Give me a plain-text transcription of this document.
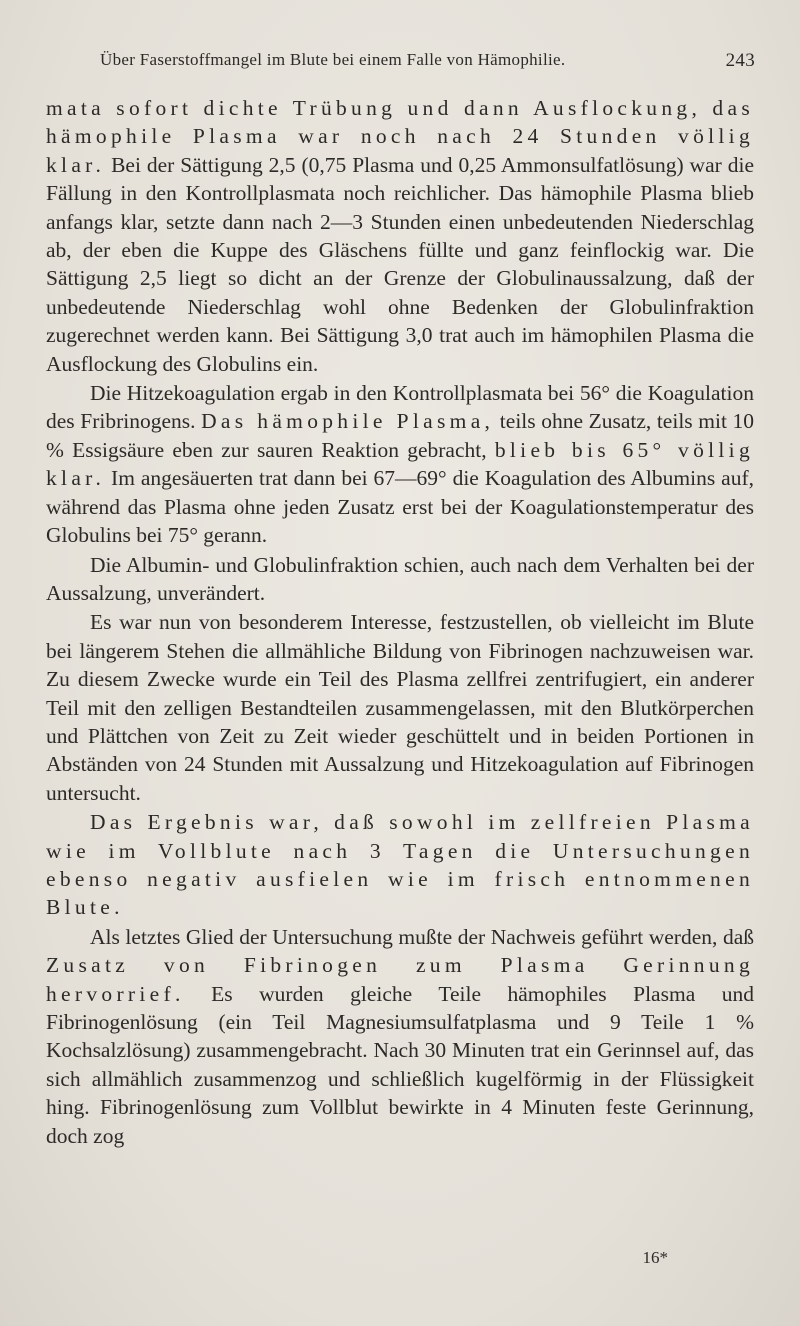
Über Faserstoffmangel im Blute bei einem Falle von Hämophilie.	243

mata sofort dichte Trübung und dann Ausflockung, das hämophile Plasma war noch nach 24 Stunden völlig klar. Bei der Sättigung 2,5 (0,75 Plasma und 0,25 Ammonsulfatlösung) war die Fällung in den Kontrollplasmata noch reichlicher. Das hämophile Plasma blieb anfangs klar, setzte dann nach 2—3 Stunden einen unbedeutenden Niederschlag ab, der eben die Kuppe des Gläschens füllte und ganz feinflockig war. Die Sättigung 2,5 liegt so dicht an der Grenze der Globulinaussalzung, daß der unbedeutende Niederschlag wohl ohne Bedenken der Globulinfraktion zugerechnet werden kann. Bei Sättigung 3,0 trat auch im hämophilen Plasma die Ausflockung des Globulins ein.

Die Hitzekoagulation ergab in den Kontrollplasmata bei 56° die Koagulation des Fribrinogens. Das hämophile Plasma, teils ohne Zusatz, teils mit 10 % Essigsäure eben zur sauren Reaktion gebracht, blieb bis 65° völlig klar. Im angesäuerten trat dann bei 67—69° die Koagulation des Albumins auf, während das Plasma ohne jeden Zusatz erst bei der Koagulationstemperatur des Globulins bei 75° gerann.

Die Albumin- und Globulinfraktion schien, auch nach dem Verhalten bei der Aussalzung, unverändert.

Es war nun von besonderem Interesse, festzustellen, ob vielleicht im Blute bei längerem Stehen die allmähliche Bildung von Fibrinogen nachzuweisen war. Zu diesem Zwecke wurde ein Teil des Plasma zellfrei zentrifugiert, ein anderer Teil mit den zelligen Bestandteilen zusammengelassen, mit den Blutkörperchen und Plättchen von Zeit zu Zeit wieder geschüttelt und in beiden Portionen in Abständen von 24 Stunden mit Aussalzung und Hitzekoagulation auf Fibrinogen untersucht.

Das Ergebnis war, daß sowohl im zellfreien Plasma wie im Vollblute nach 3 Tagen die Untersuchungen ebenso negativ ausfielen wie im frisch entnommenen Blute.

Als letztes Glied der Untersuchung mußte der Nachweis geführt werden, daß Zusatz von Fibrinogen zum Plasma Gerinnung hervorrief. Es wurden gleiche Teile hämophiles Plasma und Fibrinogenlösung (ein Teil Magnesiumsulfatplasma und 9 Teile 1 % Kochsalzlösung) zusammengebracht. Nach 30 Minuten trat ein Gerinnsel auf, das sich allmählich zusammenzog und schließlich kugelförmig in der Flüssigkeit hing. Fibrinogenlösung zum Vollblut bewirkte in 4 Minuten feste Gerinnung, doch zog

16*
